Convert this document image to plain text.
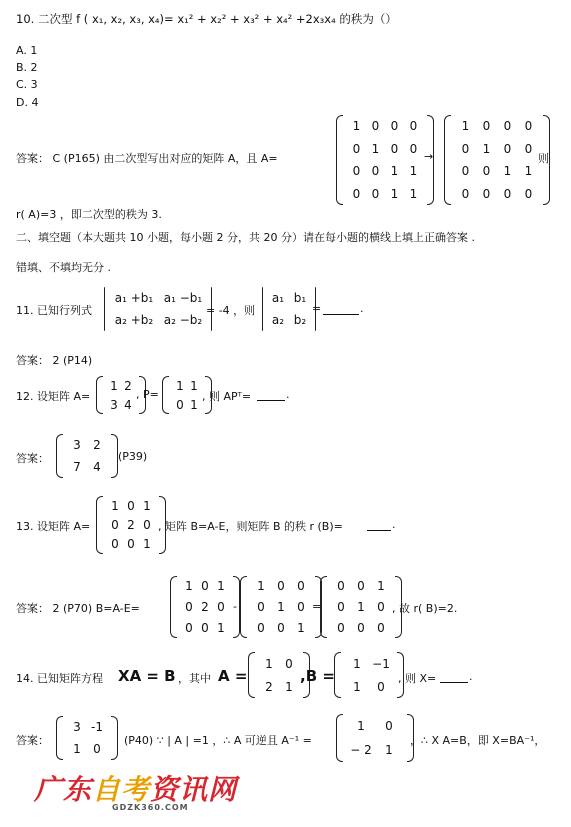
10. 二次型 f ( x₁, x₂, x₃, x₄)= x₁² + x₂² + x₃² + x₄² +2x₃x₄ 的秩为（）
A. 1
B. 2
C. 3
D. 4
答案： C (P165) 由二次型写出对应的矩阵 A，且 A=
1 0 0 0
0 1 0 0
0 0 1 1
0 0 1 1
→
1 0 0 0
0 1 0 0
0 0 1 1
0 0 0 0
则
r( A)=3 ，即二次型的秩为 3.
二、填空题（本大题共 10 小题，每小题 2 分，共 20 分）请在每小题的横线上填上正确答案 .
错填、不填均无分 .
11. 已知行列式
a₁ +b₁ a₁ −b₁
a₂ +b₂ a₂ −b₂
= -4 ，则
a₁ b₁
a₂ b₂
=	.
答案： 2 (P14)
12. 设矩阵 A=
1 2
3 4
, P=
1 1
0 1
, 则 APᵀ=	.
答案：
3 2
7 4
(P39)
13. 设矩阵 A=
1 0 1
0 2 0
0 0 1
, 矩阵 B=A-E，则矩阵 B 的秩 r (B)=	.
答案： 2 (P70) B=A-E=
1 0 1
0 2 0
0 0 1
-
1 0 0
0 1 0
0 0 1
=
0 0 1
0 1 0
0 0 0
, 故 r( B)=2.
14. 已知矩阵方程 XA = B ，其中 A =
1 0
2 1
,B =
1 −1
1 0
, 则 X=	.
答案：
3 -1
1 0
(P40) ∵ | A | =1 ，∴ A 可逆且 A⁻¹ =
1 0
− 2 1
，∴ X A=B，即 X=BA⁻¹，
广东自考资讯网
GDZK360.COM
